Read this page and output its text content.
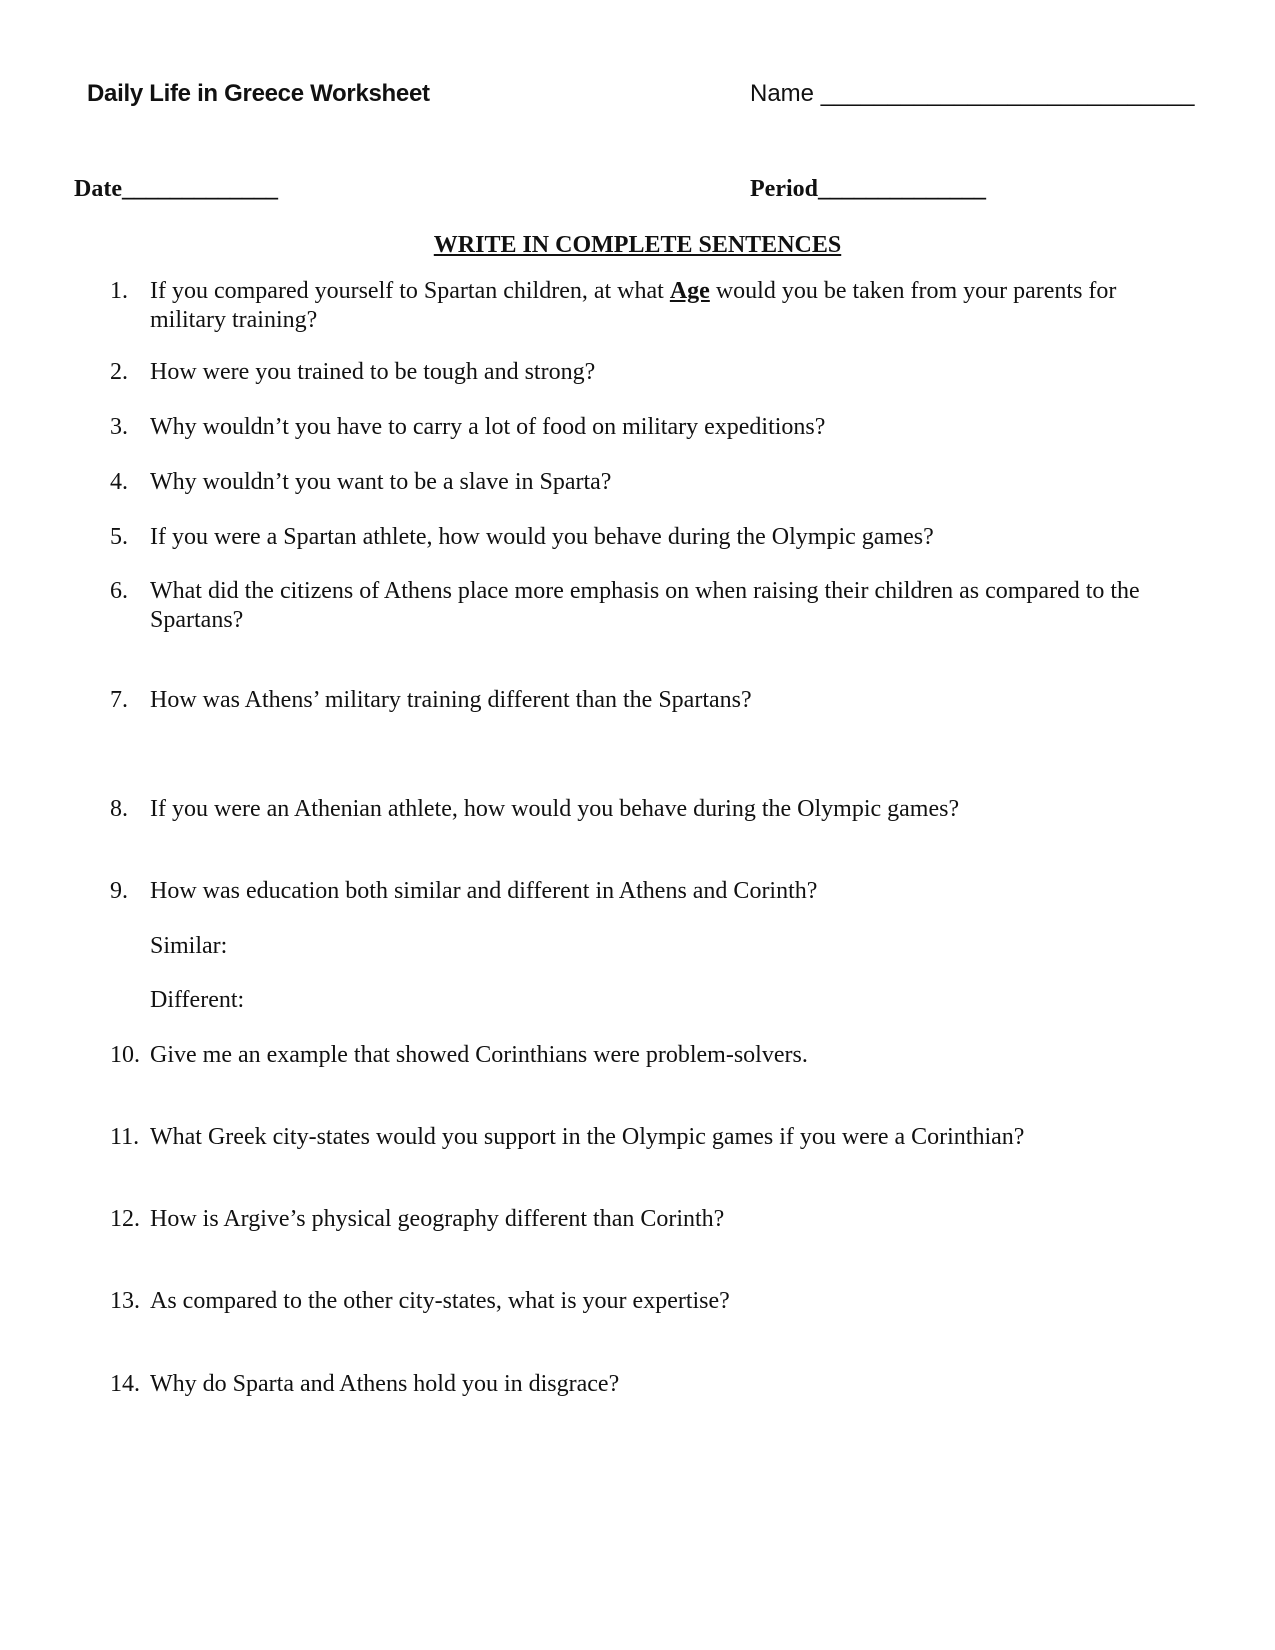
Daily Life in Greece Worksheet	Name ____________________________
Date_____________	Period______________
WRITE IN COMPLETE SENTENCES
1. If you compared yourself to Spartan children, at what Age would you be taken from your parents for military training?
2. How were you trained to be tough and strong?
3. Why wouldn’t you have to carry a lot of food on military expeditions?
4. Why wouldn’t you want to be a slave in Sparta?
5. If you were a Spartan athlete, how would you behave during the Olympic games?
6. What did the citizens of Athens place more emphasis on when raising their children as compared to the Spartans?
7. How was Athens’ military training different than the Spartans?
8. If you were an Athenian athlete, how would you behave during the Olympic games?
9. How was education both similar and different in Athens and Corinth?
Similar:
Different:
10. Give me an example that showed Corinthians were problem-solvers.
11. What Greek city-states would you support in the Olympic games if you were a Corinthian?
12. How is Argive’s physical geography different than Corinth?
13. As compared to the other city-states, what is your expertise?
14. Why do Sparta and Athens hold you in disgrace?
